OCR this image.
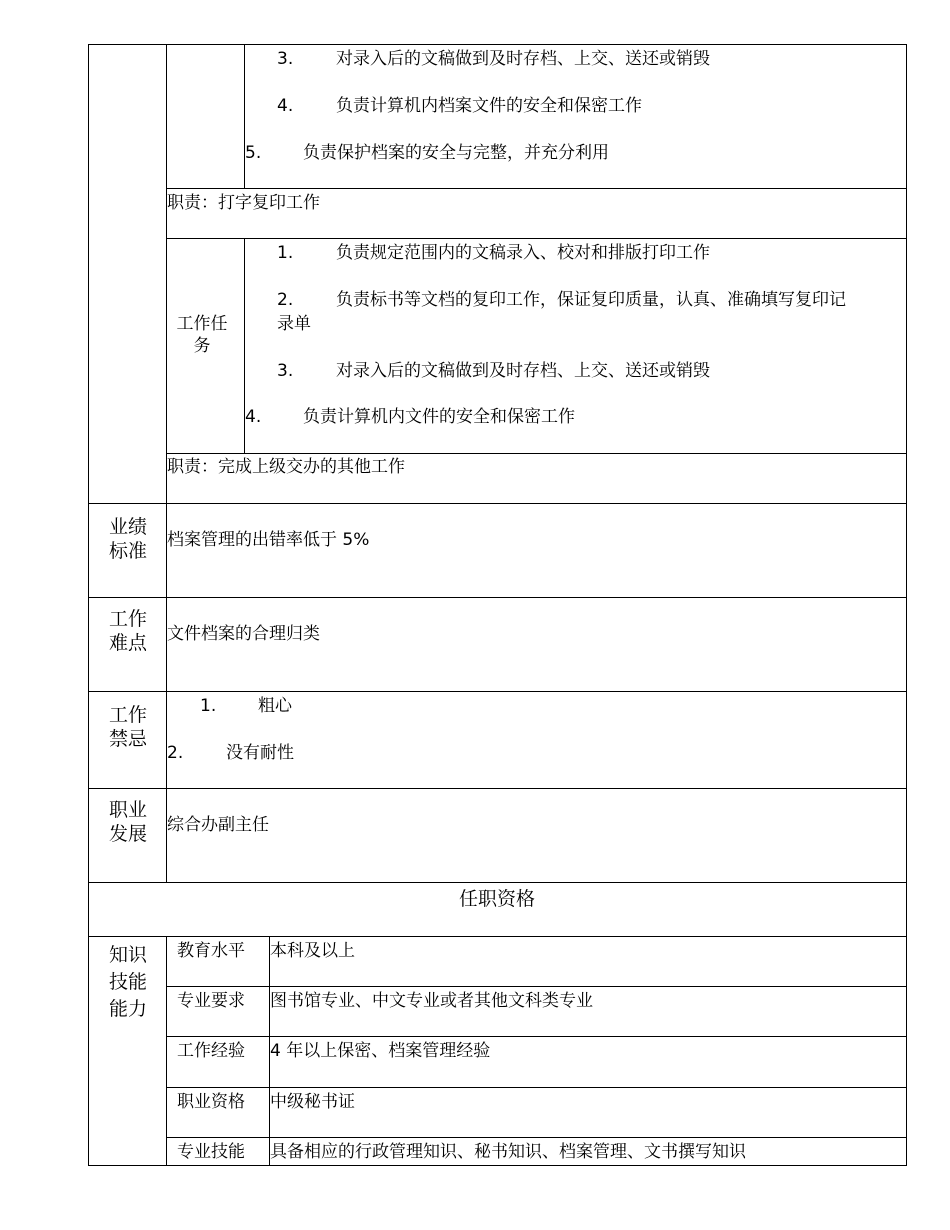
3.	对录入后的文稿做到及时存档、上交、送还或销毁
4.	负责计算机内档案文件的安全和保密工作
5. 负责保护档案的安全与完整，并充分利用
职责：打字复印工作
工作任务
1.	负责规定范围内的文稿录入、校对和排版打印工作
2.	负责标书等文档的复印工作，保证复印质量，认真、准确填写复印记
录单
3.	对录入后的文稿做到及时存档、上交、送还或销毁
4. 负责计算机内文件的安全和保密工作
职责：完成上级交办的其他工作
业绩
标准	档案管理的出错率低于 5%
工作
难点	文件档案的合理归类
工作
禁忌
1. 粗心
2.	没有耐性
职业
发展	综合办副主任
任职资格
知识
技能
能力
教育水平 本科及以上
专业要求 图书馆专业、中文专业或者其他文科类专业
工作经验 4 年以上保密、档案管理经验
职业资格 中级秘书证
专业技能 具备相应的行政管理知识、秘书知识、档案管理、文书撰写知识
